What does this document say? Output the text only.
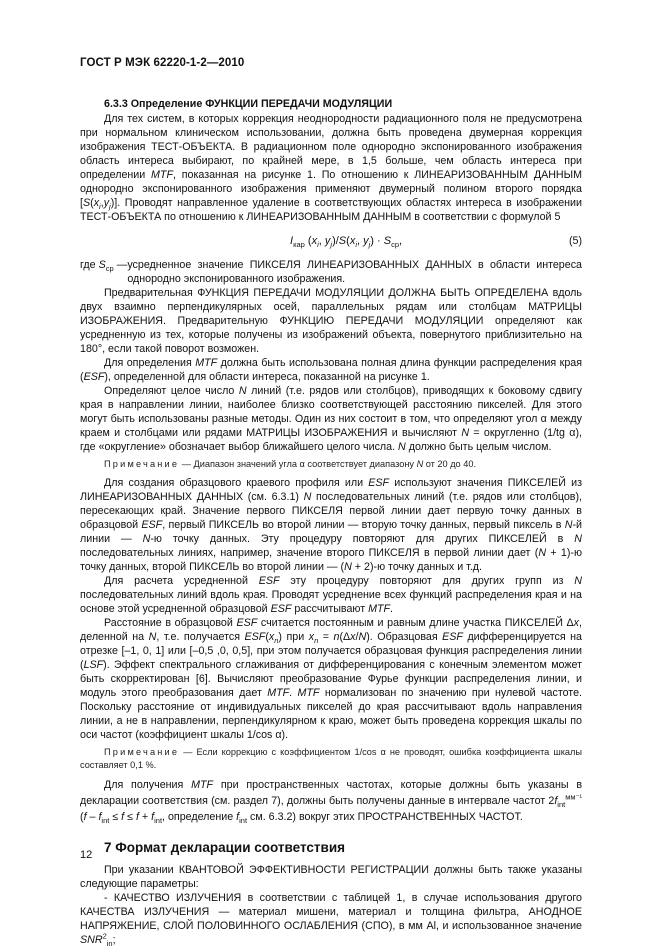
ГОСТ Р МЭК 62220-1-2—2010

6.3.3 Определение ФУНКЦИИ ПЕРЕДАЧИ МОДУЛЯЦИИ

Для тех систем, в которых коррекция неоднородности радиационного поля не предусмотрена при нормальном клиническом использовании, должна быть проведена двумерная коррекция изображения ТЕСТ-ОБЪЕКТА. В радиационном поле однородно экспонированного изображения область интереса выбирают, по крайней мере, в 1,5 больше, чем область интереса при определении MTF, показанная на рисунке 1. По отношению к ЛИНЕАРИЗОВАННЫМ ДАННЫМ однородно экспонированного изображения применяют двумерный полином второго порядка $[S(x_i,y_j)]$. Проводят направленное удаление в соответствующих областях интереса в изображении ТЕСТ-ОБЪЕКТА по отношению к ЛИНЕАРИЗОВАННЫМ ДАННЫМ в соответствии с формулой 5

$I_{кар}$ ($x_i$, $y_j)/S(x_i$, $y_j) \cdot S_{ср}$,	(5)
где $S_{ср}$ — усредненное значение ПИКСЕЛЯ ЛИНЕАРИЗОВАННЫХ ДАННЫХ в области интереса однородно экспонированного изображения.

Предварительная ФУНКЦИЯ ПЕРЕДАЧИ МОДУЛЯЦИИ ДОЛЖНА БЫТЬ ОПРЕДЕЛЕНА вдоль двух взаимно перпендикулярных осей, параллельных рядам или столбцам МАТРИЦЫ ИЗОБРАЖЕНИЯ. Предварительную ФУНКЦИЮ ПЕРЕДАЧИ МОДУЛЯЦИИ определяют как усредненную из тех, которые получены из изображений объекта, повернутого приблизительно на 180°, если такой поворот возможен.

Для определения MTF должна быть использована полная длина функции распределения края (ESF), определенной для области интереса, показанной на рисунке 1.

Определяют целое число N линий (т.е. рядов или столбцов), приводящих к боковому сдвигу края в направлении линии, наиболее близко соответствующей расстоянию пикселей. Для этого могут быть использованы разные методы. Один из них состоит в том, что определяют угол α между краем и столбцами или рядами МАТРИЦЫ ИЗОБРАЖЕНИЯ и вычисляют N = округленно (1/tg α), где «округление» обозначает выбор ближайшего целого числа. N должно быть целым числом.

Примечание — Диапазон значений угла α соответствует диапазону N от 20 до 40.

Для создания образцового краевого профиля или ESF используют значения ПИКСЕЛЕЙ из ЛИНЕАРИЗОВАННЫХ ДАННЫХ (см. 6.3.1) N последовательных линий (т.е. рядов или столбцов), пересекающих край. Значение первого ПИКСЕЛЯ первой линии дает первую точку данных в образцовой ESF, первый ПИКСЕЛЬ во второй линии — вторую точку данных, первый пиксель в N-й линии — N-ю точку данных. Эту процедуру повторяют для других ПИКСЕЛЕЙ в N последовательных линиях, например, значение второго ПИКСЕЛЯ в первой линии дает (N + 1)-ю точку данных, второй ПИКСЕЛЬ во второй линии — (N + 2)-ю точку данных и т.д.

Для расчета усредненной ESF эту процедуру повторяют для других групп из N последовательных линий вдоль края. Проводят усреднение всех функций распределения края и на основе этой усредненной образцовой ESF рассчитывают MTF.

Расстояние в образцовой ESF считается постоянным и равным длине участка ПИКСЕЛЕЙ Δx, деленной на N, т.е. получается $ESF(x_n)$ при $x_n = n(\Delta x/N)$. Образцовая ESF дифференцируется на отрезке [–1, 0, 1] или [–0,5 ,0, 0,5], при этом получается образцовая функция распределения линии (LSF). Эффект спектрального сглаживания от дифференцирования с конечным элементом может быть скорректирован [6]. Вычисляют преобразование Фурье функции распределения линии, и модуль этого преобразования дает MTF. MTF нормализован по значению при нулевой частоте. Поскольку расстояние от индивидуальных пикселей до края рассчитывают вдоль направления линии, а не в направлении, перпендикулярном к краю, может быть проведена коррекция шкалы по оси частот (коэффициент шкалы 1/cos α).

Примечание — Если коррекцию с коэффициентом 1/cos α не проводят, ошибка коэффициента шкалы составляет 0,1 %.

Для получения MTF при пространственных частотах, которые должны быть указаны в декларации соответствия (см. раздел 7), должны быть получены данные в интервале частот $2f_{int}^{мм^{-1}}$ ($f - f_{int} \le f \le f + f_{int}$, определение $f_{int}$ см. 6.3.2) вокруг этих ПРОСТРАНСТВЕННЫХ ЧАСТОТ.

7 Формат декларации соответствия

При указании КВАНТОВОЙ ЭФФЕКТИВНОСТИ РЕГИСТРАЦИИ должны быть также указаны следующие параметры:

- КАЧЕСТВО ИЗЛУЧЕНИЯ в соответствии с таблицей 1, в случае использования другого КАЧЕСТВА ИЗЛУЧЕНИЯ — материал мишени, материал и толщина фильтра, АНОДНОЕ НАПРЯЖЕНИЕ, СЛОЙ ПОЛОВИННОГО ОСЛАБЛЕНИЯ (СПО), в мм Al, и использованное значение $SNR^2_{in}$;

12
